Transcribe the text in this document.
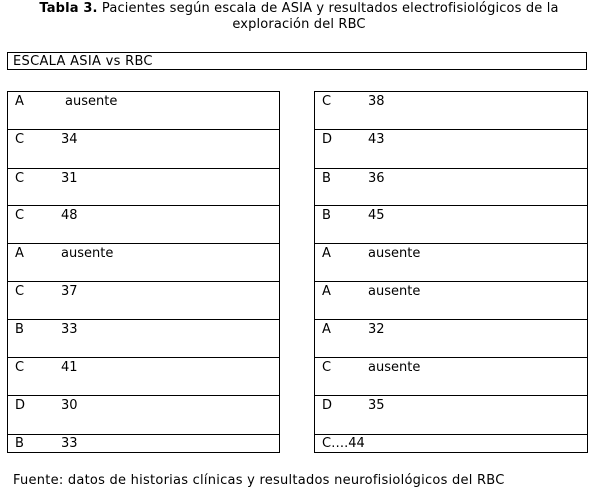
Tabla 3. Pacientes según escala de ASIA y resultados electrofisiológicos de la
exploración del RBC
ESCALA ASIA vs RBC
A	ausente
C	34
C	31
C	48
A	ausente
C	37
B	33
C	41
D	30
B	33
C	38
D	43
B	36
B	45
A	ausente
A	ausente
A	32
C	ausente
D	35
C….44
Fuente: datos de historias clínicas y resultados neurofisiológicos del RBC
